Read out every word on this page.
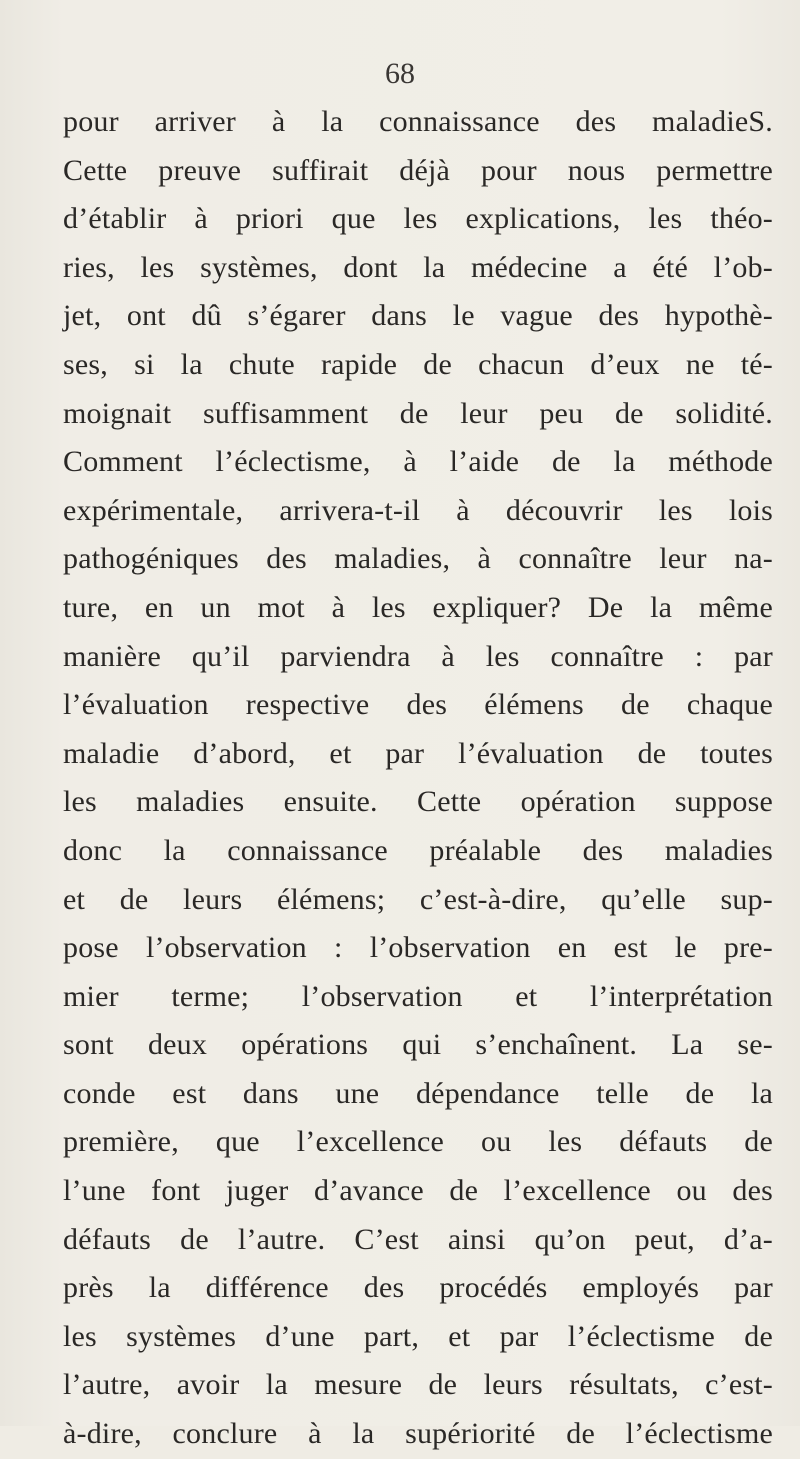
68
pour arriver à la connaissance des maladieS.
Cette preuve suffirait déjà pour nous permettre
d’établir à priori que les explications, les théo-
ries, les systèmes, dont la médecine a été l’ob-
jet, ont dû s’égarer dans le vague des hypothè-
ses, si la chute rapide de chacun d’eux ne té-
moignait suffisamment de leur peu de solidité.
Comment l’éclectisme, à l’aide de la méthode
expérimentale, arrivera-t-il à découvrir les lois
pathogéniques des maladies, à connaître leur na-
ture, en un mot à les expliquer? De la même
manière qu’il parviendra à les connaître : par
l’évaluation respective des élémens de chaque
maladie d’abord, et par l’évaluation de toutes
les maladies ensuite. Cette opération suppose
donc la connaissance préalable des maladies
et de leurs élémens; c’est-à-dire, qu’elle sup-
pose l’observation : l’observation en est le pre-
mier terme; l’observation et l’interprétation
sont deux opérations qui s’enchaînent. La se-
conde est dans une dépendance telle de la
première, que l’excellence ou les défauts de
l’une font juger d’avance de l’excellence ou des
défauts de l’autre. C’est ainsi qu’on peut, d’a-
près la différence des procédés employés par
les systèmes d’une part, et par l’éclectisme de
l’autre, avoir la mesure de leurs résultats, c’est-
à-dire, conclure à la supériorité de l’éclectisme
